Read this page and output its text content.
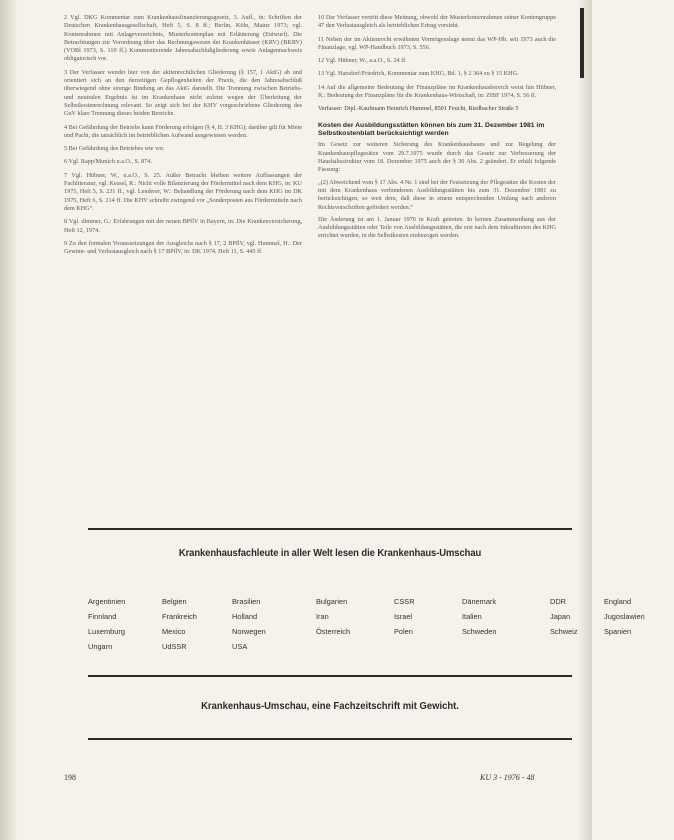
2 Vgl. DKG Kommentar zum Krankenhausfinanzierungsgesetz, 3. Aufl., in: Schriften der Deutschen Krankenhausgesellschaft, Heft 5, S. 8 ff.; Berlin, Köln, Mainz 1973; vgl. Kontenrahmen mit Anlageverzeichnis, Musterkontenplan mit Erläuterung (Entwurf). Die Betrachtungen zur Verordnung über das Rechnungswesen der Krankenhäuser (KRV) (BKRV) (VOBl 1973, S. 110 ff.) Kommentierende Jahresabschlußgliederung sowie Anlagennachweis obligatorisch vor.

3 Der Verfasser wendet hier von der aktienrechtlichen Gliederung (§ 157, 1 AktG) ab und orientiert sich an den derzeitigen Gepflogenheiten der Praxis, die den Jahresabschluß überwiegend ohne strenge Bindung an das AktG darstellt. Die Trennung zwischen Betriebs- und neutralen Ergebnis ist im Krankenhaus nicht zuletzt wegen der Überleitung der Selbstkostenrechnung relevant. So zeigt sich bei der KHV vorgeschriebene Gliederung des GuV klare Trennung dieses beiden Bereiche.

4 Bei Gefährdung der Betriebs kann Förderung erfolgen (§ 4, II. 3 KHG); darüber gilt für Miete und Pacht, die tatsächlich im betrieblichen Aufwand ausgewiesen werden.

5 Bei Gefährdung des Betriebes wie vor.

6 Vgl. Rapp/Munich u.a.O., S. 874.

7 Vgl. Hübner, W., u.a.O., S. 25. Außer Betracht bleiben weitere Auffassungen der Fachliteratur, vgl. Kessel, R.: Nicht volle Bilanzierung der Fördermittel nach dem KHG, in: KU 1975, Heft 5, S. 231 ff., vgl. Lenderer, W.: Behandlung der Förderung nach dem KHG im DK 1975, Heft 6, S. 214 ff. Die KHV schreibt zwingend vor „Sonderposten aus Fördermitteln nach dem KHG“.

8 Vgl. dimmer, G.: Erfahrungen mit der neuen BPflV in Bayern, in: Die Krankenversicherung, Heft 12, 1974.

9 Zu den formalen Voraussetzungen der Ausgleichs nach § 17, 2 BPflV, vgl. Hummel, H.: Der Gewinn- und Verlustausgleich nach § 17 BPflV, in: DK 1974, Heft 11, S. 445 ff.

10 Der Verfasser vertritt diese Meinung, obwohl der Musterkontenrahmen seiner Kontengruppe 47 den Verlustausgleich als betrieblichen Ertrag vorsieht.

11 Neben der im Aktienrecht erwähnten Vermögenslage nennt das WP-Hb. seit 1973 auch die Finanzlage, vgl. WP-Handbuch 1973, S. 556.

12 Vgl. Hübner, W., a.a.O., S. 24 ff.

13 Vgl. Harsdorf/Friedrich, Kommentar zum KHG, Bd. 1, § 2 364 zu § 15 KHG.

14 Auf die allgemeine Bedeutung der Finanzpläne im Krankenhausbereich weist hin Hübner, R.: Bedeutung der Finanzpläne für die Krankenhaus-Wirtschaft, in: ZfBF 1974, S. 56 ff.

Verfasser: Dipl.-Kaufmann Heinrich Hummel, 8501 Feucht, Riedbacher Straße 5

Kosten der Ausbildungsstätten können bis zum 31. Dezember 1981 im Selbstkostenblatt berücksichtigt werden

Im Gesetz zur weiteren Sicherung des Krankenhausbaues und zur Regelung der Krankenhauspflegesätze vom 29.7.1975 wurde durch das Gesetz zur Verbesserung der Haushaltsstruktur vom 18. Dezember 1975 auch der § 30 Abs. 2 geändert. Er erhält folgende Fassung:

„(2) Abweichend vom § 17 Abs. 4 Nr. 1 sind bei der Festsetzung der Pflegesätze die Kosten der mit dem Krankenhaus verbundenen Ausbildungsstätten bis zum 31. Dezember 1981 zu berücksichtigen, so weit dem, daß diese in einem entsprechenden Umfang nach anderen Rechtsvorschriften gefördert werden.“

Die Änderung ist am 1. Januar 1976 in Kraft getreten. In keinen Zusammenhang aus der Ausbildungsstätten oder Teile von Ausbildungsstätten, die erst nach dem Inkrafttreten des KHG errichtet wurden, in die Selbstkosten einbezogen werden.

Krankenhausfachleute in aller Welt lesen die Krankenhaus-Umschau
Argentinien	Belgien	Brasilien	Bulgarien	CSSR	Dänemark	DDR	England
Finnland	Frankreich	Holland	Iran	Israel	Italien	Japan	Jugoslawien
Luxemburg	Mexico	Norwegen	Österreich	Polen	Schweden	Schweiz	Spanien
Ungarn	UdSSR	USA
Krankenhaus-Umschau, eine Fachzeitschrift mit Gewicht.
198	KU 3 - 1976 - 48
